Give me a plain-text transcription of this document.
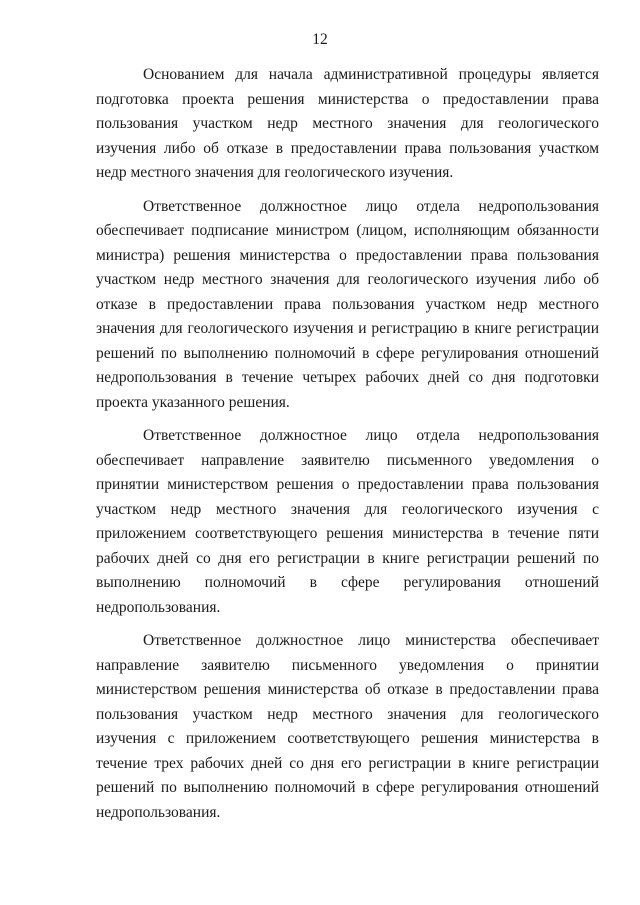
12

Основанием для начала административной процедуры является подготовка проекта решения министерства о предоставлении права пользования участком недр местного значения для геологического изучения либо об отказе в предоставлении права пользования участком недр местного значения для геологического изучения.

Ответственное должностное лицо отдела недропользования обеспечивает подписание министром (лицом, исполняющим обязанности министра) решения министерства о предоставлении права пользования участком недр местного значения для геологического изучения либо об отказе в предоставлении права пользования участком недр местного значения для геологического изучения и регистрацию в книге регистрации решений по выполнению полномочий в сфере регулирования отношений недропользования в течение четырех рабочих дней со дня подготовки проекта указанного решения.

Ответственное должностное лицо отдела недропользования обеспечивает направление заявителю письменного уведомления о принятии министерством решения о предоставлении права пользования участком недр местного значения для геологического изучения с приложением соответствующего решения министерства в течение пяти рабочих дней со дня его регистрации в книге регистрации решений по выполнению полномочий в сфере регулирования отношений недропользования.

Ответственное должностное лицо министерства обеспечивает направление заявителю письменного уведомления о принятии министерством решения министерства об отказе в предоставлении права пользования участком недр местного значения для геологического изучения с приложением соответствующего решения министерства в течение трех рабочих дней со дня его регистрации в книге регистрации решений по выполнению полномочий в сфере регулирования отношений недропользования.
